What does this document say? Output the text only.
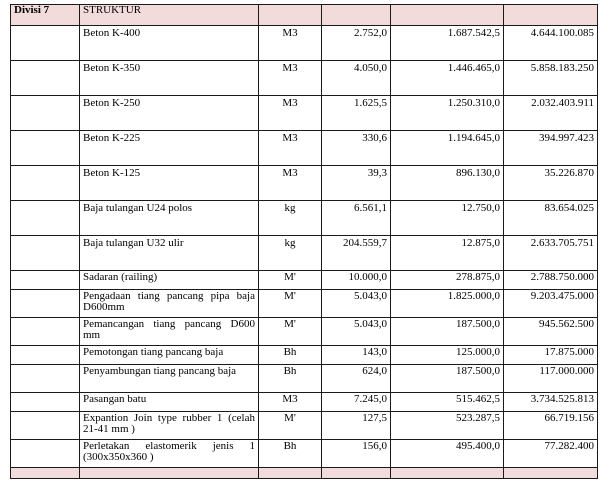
Divisi 7	STRUKTUR				
	Beton K-400	M3	2.752,0	1.687.542,5	4.644.100.085
	Beton K-350	M3	4.050,0	1.446.465,0	5.858.183.250
	Beton K-250	M3	1.625,5	1.250.310,0	2.032.403.911
	Beton K-225	M3	330,6	1.194.645,0	394.997.423
	Beton K-125	M3	39,3	896.130,0	35.226.870
	Baja tulangan U24 polos	kg	6.561,1	12.750,0	83.654.025
	Baja tulangan U32 ulir	kg	204.559,7	12.875,0	2.633.705.751
	Sadaran (railing)	M'	10.000,0	278.875,0	2.788.750.000
	Pengadaan tiang pancang pipa baja D600mm	M'	5.043,0	1.825.000,0	9.203.475.000
	Pemancangan tiang pancang D600 mm	M'	5.043,0	187.500,0	945.562.500
	Pemotongan tiang pancang baja	Bh	143,0	125.000,0	17.875.000
	Penyambungan tiang pancang baja	Bh	624,0	187.500,0	117.000.000
	Pasangan batu	M3	7.245,0	515.462,5	3.734.525.813
	Expantion Join type rubber 1 (celah 21-41 mm )	M'	127,5	523.287,5	66.719.156
	Perletakan elastomerik jenis 1 (300x350x360 )	Bh	156,0	495.400,0	77.282.400
